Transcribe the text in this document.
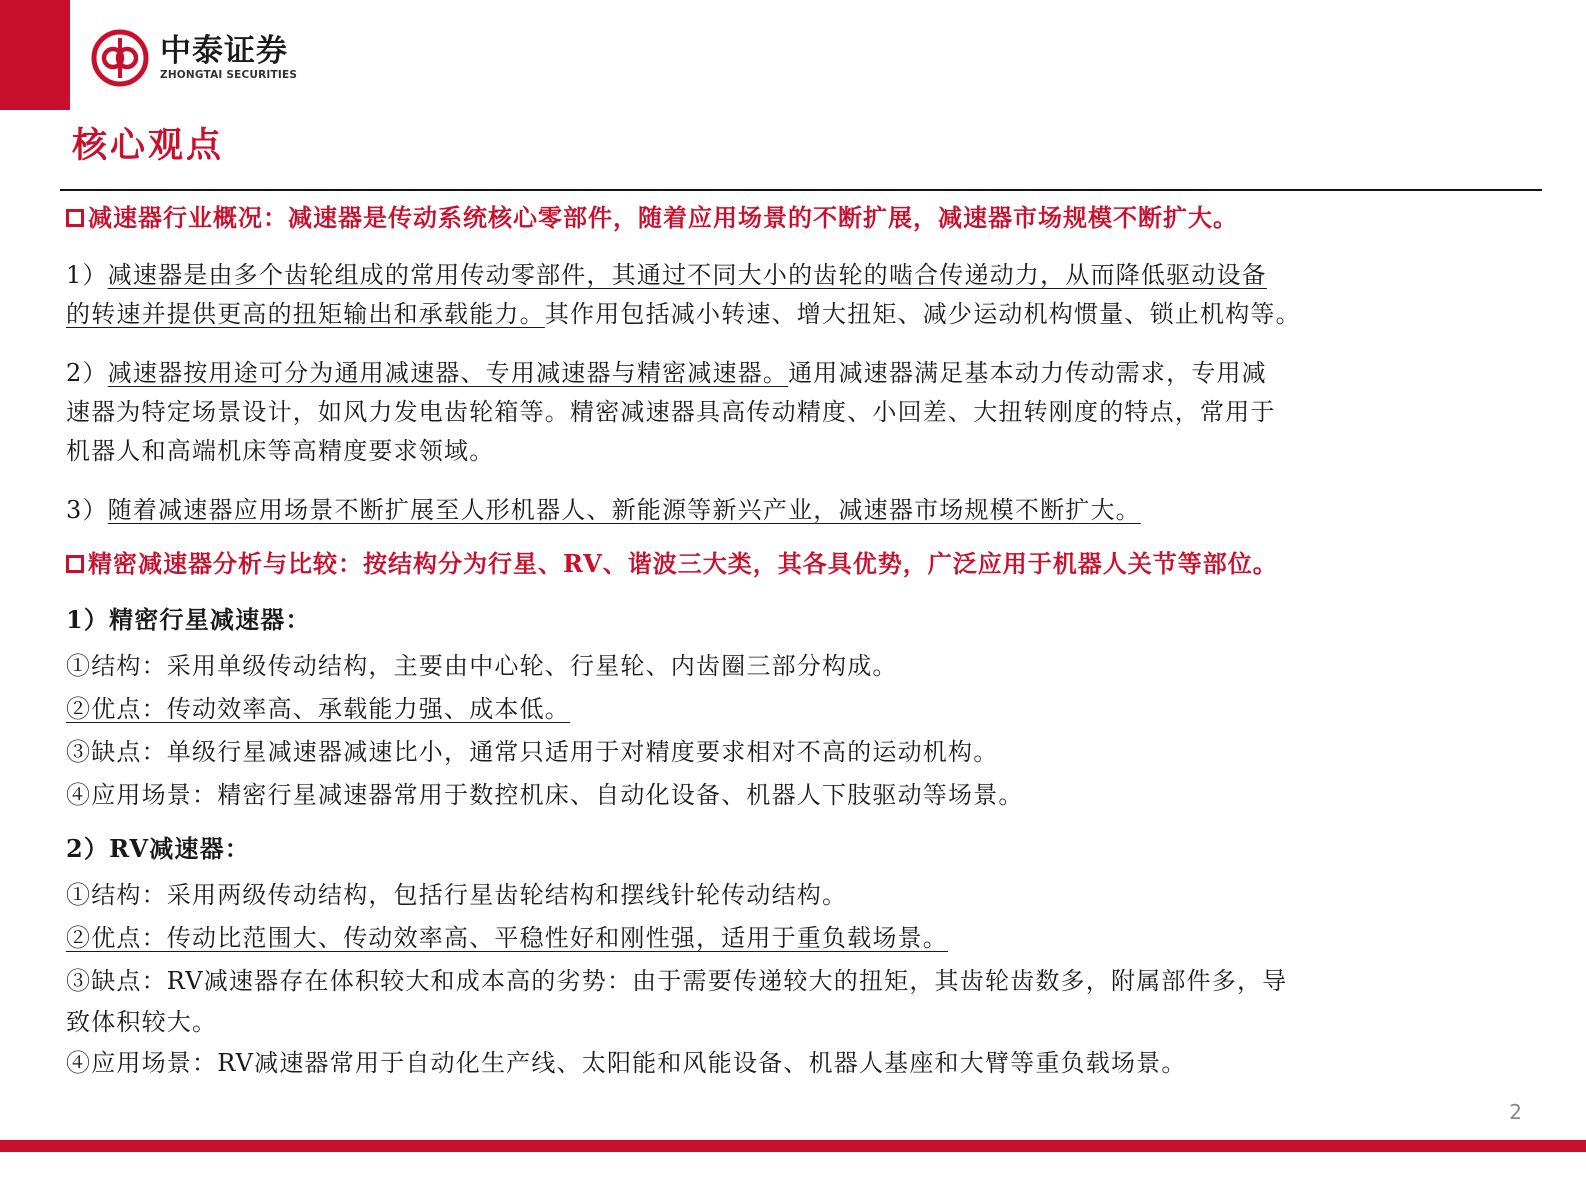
中泰证券
ZHONGTAI SECURITIES
核心观点
减速器行业概况：减速器是传动系统核心零部件，随着应用场景的不断扩展，减速器市场规模不断扩大。
1）减速器是由多个齿轮组成的常用传动零部件，其通过不同大小的齿轮的啮合传递动力，从而降低驱动设备
的转速并提供更高的扭矩输出和承载能力。其作用包括减小转速、增大扭矩、减少运动机构惯量、锁止机构等。
2）减速器按用途可分为通用减速器、专用减速器与精密减速器。通用减速器满足基本动力传动需求，专用减
速器为特定场景设计，如风力发电齿轮箱等。精密减速器具高传动精度、小回差、大扭转刚度的特点，常用于
机器人和高端机床等高精度要求领域。
3）随着减速器应用场景不断扩展至人形机器人、新能源等新兴产业，减速器市场规模不断扩大。
精密减速器分析与比较：按结构分为行星、RV、谐波三大类，其各具优势，广泛应用于机器人关节等部位。
1）精密行星减速器：
①结构：采用单级传动结构，主要由中心轮、行星轮、内齿圈三部分构成。
②优点：传动效率高、承载能力强、成本低。
③缺点：单级行星减速器减速比小，通常只适用于对精度要求相对不高的运动机构。
④应用场景：精密行星减速器常用于数控机床、自动化设备、机器人下肢驱动等场景。
2）RV减速器：
①结构：采用两级传动结构，包括行星齿轮结构和摆线针轮传动结构。
②优点：传动比范围大、传动效率高、平稳性好和刚性强，适用于重负载场景。
③缺点：RV减速器存在体积较大和成本高的劣势：由于需要传递较大的扭矩，其齿轮齿数多，附属部件多，导
致体积较大。
④应用场景：RV减速器常用于自动化生产线、太阳能和风能设备、机器人基座和大臂等重负载场景。
2
